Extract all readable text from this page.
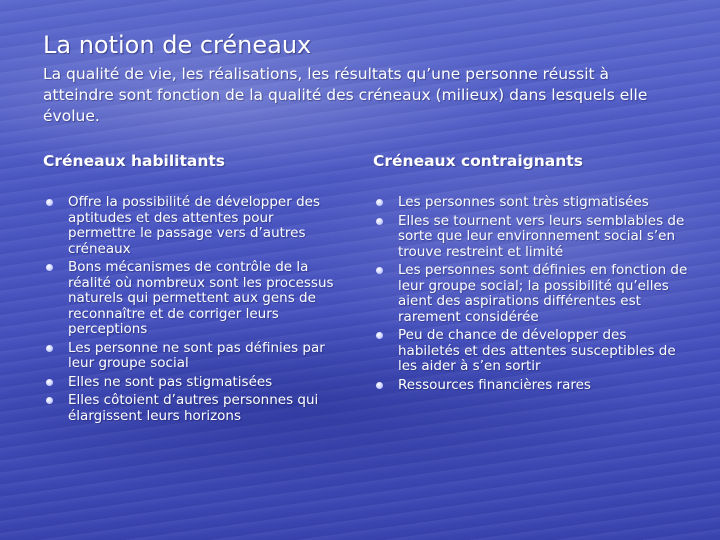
La notion de créneaux
La qualité de vie, les réalisations, les résultats qu’une personne réussit à atteindre sont fonction de la qualité des créneaux (milieux) dans lesquels elle évolue.
Créneaux habilitants	Créneaux contraignants
Offre la possibilité de développer des aptitudes et des attentes pour permettre le passage vers d’autres créneaux
Bons mécanismes de contrôle de la réalité où nombreux sont les processus naturels qui permettent aux gens de reconnaître et de corriger leurs perceptions
Les personne ne sont pas définies par leur groupe social
Elles ne sont pas stigmatisées
Elles côtoient d’autres personnes qui élargissent leurs horizons
Les personnes sont très stigmatisées
Elles se tournent vers leurs semblables de sorte que leur environnement social s’en trouve restreint et limité
Les personnes sont définies en fonction de leur groupe social; la possibilité qu’elles aient des aspirations différentes est rarement considérée
Peu de chance de développer des habiletés et des attentes susceptibles de les aider à s’en sortir
Ressources financières rares
